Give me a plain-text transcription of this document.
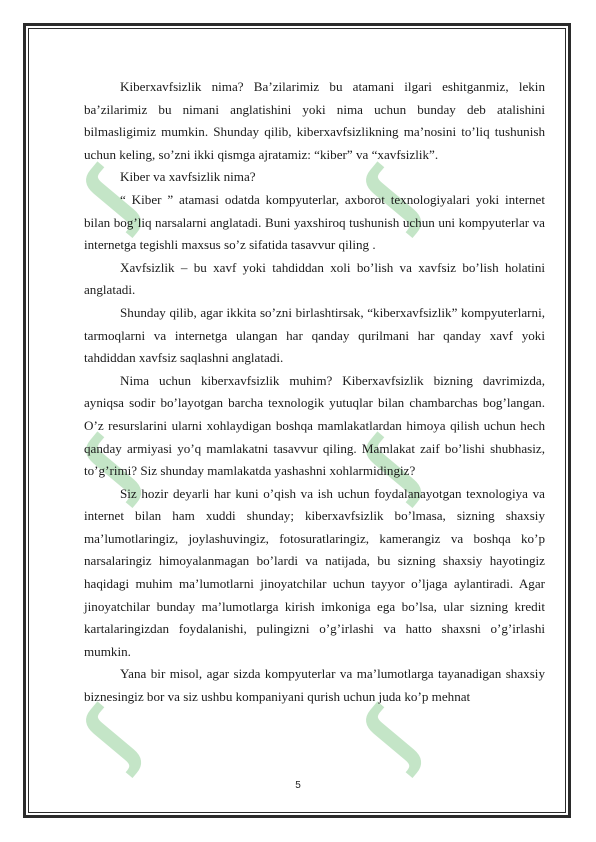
ʃ ʃ
ʃ ʃ
ʃ ʃ

Kiberxavfsizlik nima? Ba’zilarimiz bu atamani ilgari eshitganmiz, lekin ba’zilarimiz bu nimani anglatishini yoki nima uchun bunday deb atalishini bilmasligimiz mumkin. Shunday qilib, kiberxavfsizlikning ma’nosini to’liq tushunish uchun keling, so’zni ikki qismga ajratamiz: “kiber” va “xavfsizlik”.

Kiber va xavfsizlik nima?

“ Kiber ” atamasi odatda kompyuterlar, axborot texnologiyalari yoki internet bilan bog’liq narsalarni anglatadi. Buni yaxshiroq tushunish uchun uni kompyuterlar va internetga tegishli maxsus so’z sifatida tasavvur qiling .

Xavfsizlik – bu xavf yoki tahdiddan xoli bo’lish va xavfsiz bo’lish holatini anglatadi.

Shunday qilib, agar ikkita so’zni birlashtirsak, “kiberxavfsizlik” kompyuterlarni, tarmoqlarni va internetga ulangan har qanday qurilmani har qanday xavf yoki tahdiddan xavfsiz saqlashni anglatadi.

Nima uchun kiberxavfsizlik muhim? Kiberxavfsizlik bizning davrimizda, ayniqsa sodir bo’layotgan barcha texnologik yutuqlar bilan chambarchas bog’langan. O’z resurslarini ularni xohlaydigan boshqa mamlakatlardan himoya qilish uchun hech qanday armiyasi yo’q mamlakatni tasavvur qiling. Mamlakat zaif bo’lishi shubhasiz, to’g’rimi? Siz shunday mamlakatda yashashni xohlarmidingiz?

Siz hozir deyarli har kuni o’qish va ish uchun foydalanayotgan texnologiya va internet bilan ham xuddi shunday; kiberxavfsizlik bo’lmasa, sizning shaxsiy ma’lumotlaringiz, joylashuvingiz, fotosuratlaringiz, kamerangiz va boshqa ko’p narsalaringiz himoyalanmagan bo’lardi va natijada, bu sizning shaxsiy hayotingiz haqidagi muhim ma’lumotlarni jinoyatchilar uchun tayyor o’ljaga aylantiradi. Agar jinoyatchilar bunday ma’lumotlarga kirish imkoniga ega bo’lsa, ular sizning kredit kartalaringizdan foydalanishi, pulingizni o’g’irlashi va hatto shaxsni o’g’irlashi mumkin.

Yana bir misol, agar sizda kompyuterlar va ma’lumotlarga tayanadigan shaxsiy biznesingiz bor va siz ushbu kompaniyani qurish uchun juda ko’p mehnat

5
